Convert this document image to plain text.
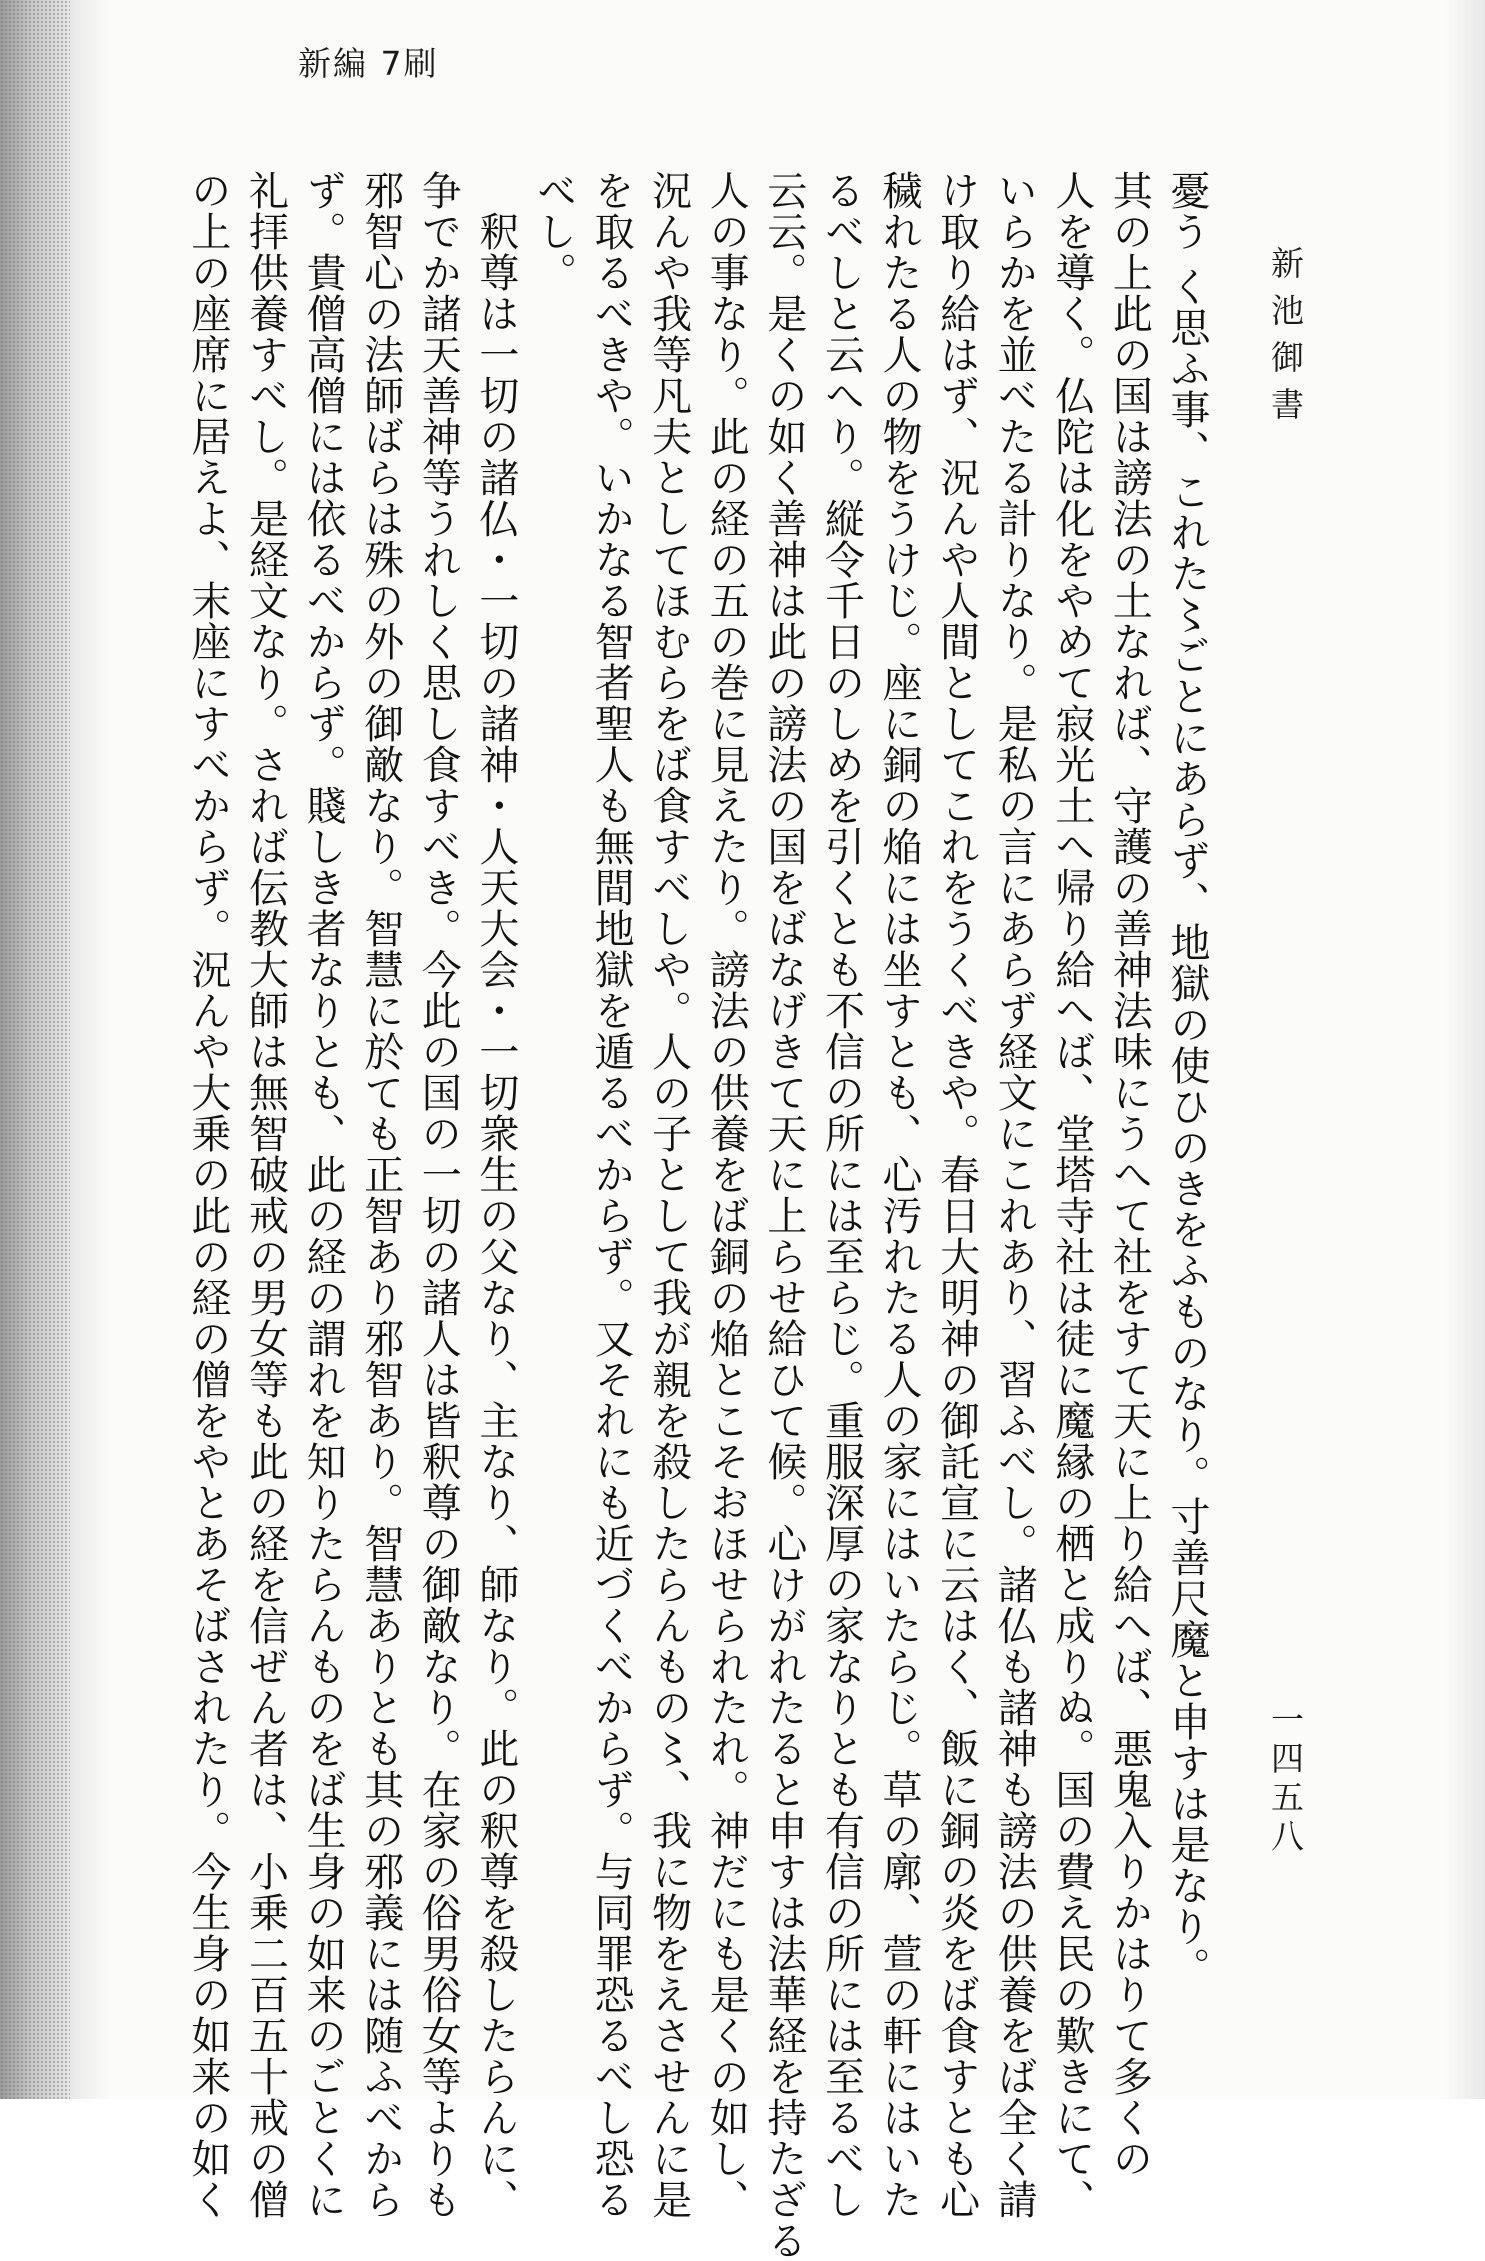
新編 7刷
新池御書
一四五八
憂う く思ふ事、これた〻ごとにあらず、地獄の使ひのきをふものなり。寸善尺魔と申すは是なり。
其の上此の国は謗法の土なれば、守護の善神法味にうへて社をすて天に上り給へば、悪鬼入りかはりて多くの
人を導く。仏陀は化をやめて寂光土へ帰り給へば、堂塔寺社は徒に魔縁の栖と成りぬ。国の費え民の歎きにて、
いらかを並べたる計りなり。是私の言にあらず経文にこれあり、習ふべし。諸仏も諸神も謗法の供養をば全く請
け取り給はず、況んや人間としてこれをうくべきや。春日大明神の御託宣に云はく、飯に銅の炎をば食すとも心
穢れたる人の物をうけじ。座に銅の焔には坐すとも、心汚れたる人の家にはいたらじ。草の廓、萱の軒にはいた
るべしと云へり。縦令千日のしめを引くとも不信の所には至らじ。重服深厚の家なりとも有信の所には至るべし
云云。是くの如く善神は此の謗法の国をばなげきて天に上らせ給ひて候。心けがれたると申すは法華経を持たざる
人の事なり。此の経の五の巻に見えたり。謗法の供養をば銅の焔とこそおほせられたれ。神だにも是くの如し、
況んや我等凡夫としてほむらをば食すべしや。人の子として我が親を殺したらんもの〻、我に物をえさせんに是
を取るべきや。いかなる智者聖人も無間地獄を遁るべからず。又それにも近づくべからず。与同罪恐るべし恐る
べし。
　釈尊は一切の諸仏・一切の諸神・人天大会・一切衆生の父なり、主なり、師なり。此の釈尊を殺したらんに、
争でか諸天善神等うれしく思し食すべき。今此の国の一切の諸人は皆釈尊の御敵なり。在家の俗男俗女等よりも
邪智心の法師ばらは殊の外の御敵なり。智慧に於ても正智あり邪智あり。智慧ありとも其の邪義には随ふべから
ず。貴僧高僧には依るべからず。賤しき者なりとも、此の経の謂れを知りたらんものをば生身の如来のごとくに
礼拝供養すべし。是経文なり。されば伝教大師は無智破戒の男女等も此の経を信ぜん者は、小乗二百五十戒の僧
の上の座席に居えよ、末座にすべからず。況んや大乗の此の経の僧をやとあそばされたり。今生身の如来の如く
